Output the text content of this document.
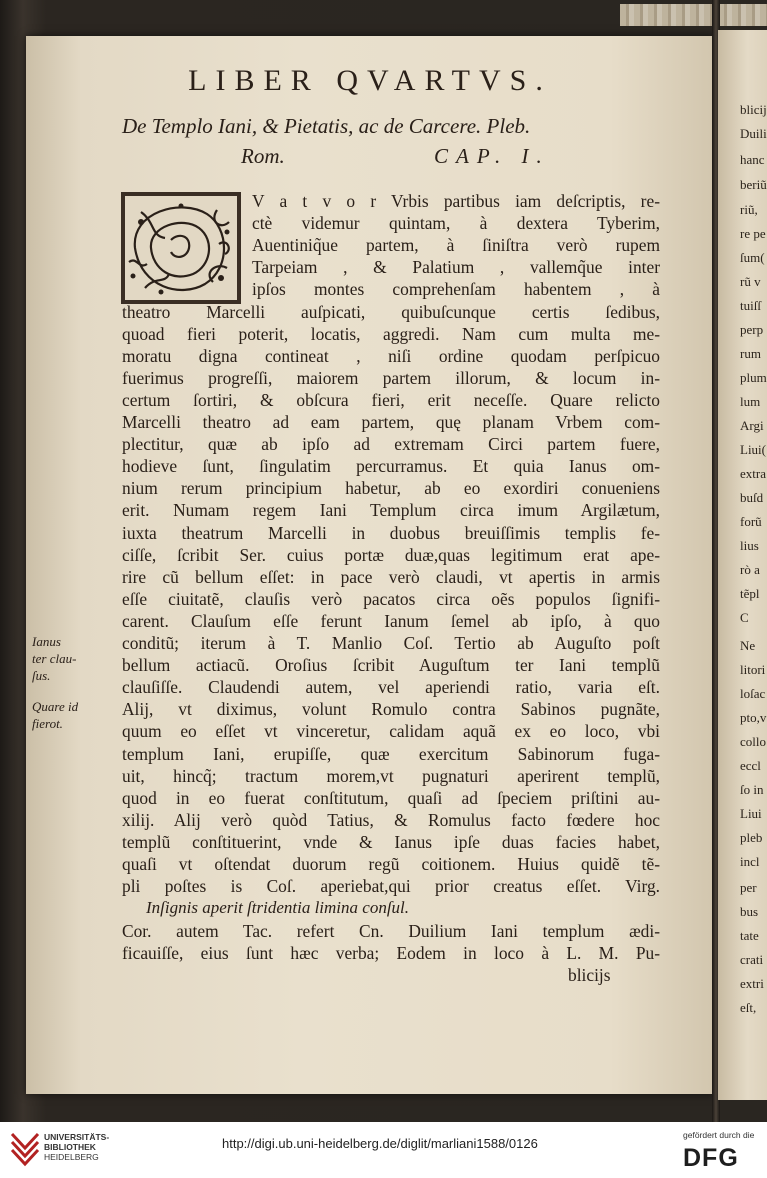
LIBER QVARTVS.
De Templo Iani, & Pietatis, ac de Carcere. Pleb.
Rom.	CAP. I.
V a t v o r Vrbis partibus iam deſcriptis, re-
ctè videmur quintam, à dextera Tyberim,
Auentiniq̃ue partem, à ſiniſtra verò rupem
Tarpeiam , & Palatium , vallemq̃ue inter
ipſos montes comprehenſam habentem , à
theatro Marcelli auſpicati, quibuſcunque certis ſedibus,
quoad fieri poterit, locatis, aggredi. Nam cum multa me-
moratu digna contineat , niſi ordine quodam perſpicuo
fuerimus progreſſi, maiorem partem illorum, & locum in-
certum ſortiri, & obſcura fieri, erit neceſſe. Quare relicto
Marcelli theatro ad eam partem, quę planam Vrbem com-
plectitur, quæ ab ipſo ad extremam Circi partem fuere,
hodieve ſunt, ſingulatim percurramus. Et quia Ianus om-
nium rerum principium habetur, ab eo exordiri conueniens
erit. Numam regem Iani Templum circa imum Argilætum,
iuxta theatrum Marcelli in duobus breuiſſimis templis fe-
ciſſe, ſcribit Ser. cuius portæ duæ,quas legitimum erat ape-
rire cũ bellum eſſet: in pace verò claudi, vt apertis in armis
eſſe ciuitatẽ, clauſis verò pacatos circa oẽs populos ſignifi-
carent. Clauſum eſſe ferunt Ianum ſemel ab ipſo, à quo
conditũ; iterum à T. Manlio Coſ. Tertio ab Auguſto poſt
bellum actiacũ. Oroſius ſcribit Auguſtum ter Iani templũ
clauſiſſe. Claudendi autem, vel aperiendi ratio, varia eſt.
Alij, vt diximus, volunt Romulo contra Sabinos pugnãte,
quum eo eſſet vt vinceretur, calidam aquã ex eo loco, vbi
templum Iani, erupiſſe, quæ exercitum Sabinorum fuga-
uit, hincq̃; tractum morem,vt pugnaturi aperirent templũ,
quod in eo fuerat conſtitutum, quaſi ad ſpeciem priſtini au-
xilij. Alij verò quòd Tatius, & Romulus facto fœdere hoc
templũ conſtituerint, vnde & Ianus ipſe duas facies habet,
quaſi vt oſtendat duorum regũ coitionem. Huius quidẽ tẽ-
pli poſtes is Coſ. aperiebat,qui prior creatus eſſet. Virg.
Inſignis aperit ſtridentia limina conſul.
Cor. autem Tac. refert Cn. Duilium Iani templum ædi-
ficauiſſe, eius ſunt hæc verba; Eodem in loco à L. M. Pu-
blicijs
Ianus
ter clau-
ſus.
Quare id
fierot.
blicij
Duili
hanc
beriũ
riũ,
re pe
ſum(
rũ v
tuiſſ
perp
rum
plum
lum
Argi
Liui(
extra
buſd
forũ
lius
rò a
tẽpl
C
Ne
litori
loſac
pto,v
collo
eccl
ſo in
Liui
pleb
incl
per
bus
tate
crati
extri
eſt,
UNIVERSITÄTS-
BIBLIOTHEK
HEIDELBERG
http://digi.ub.uni-heidelberg.de/diglit/marliani1588/0126
gefördert durch die
DFG
